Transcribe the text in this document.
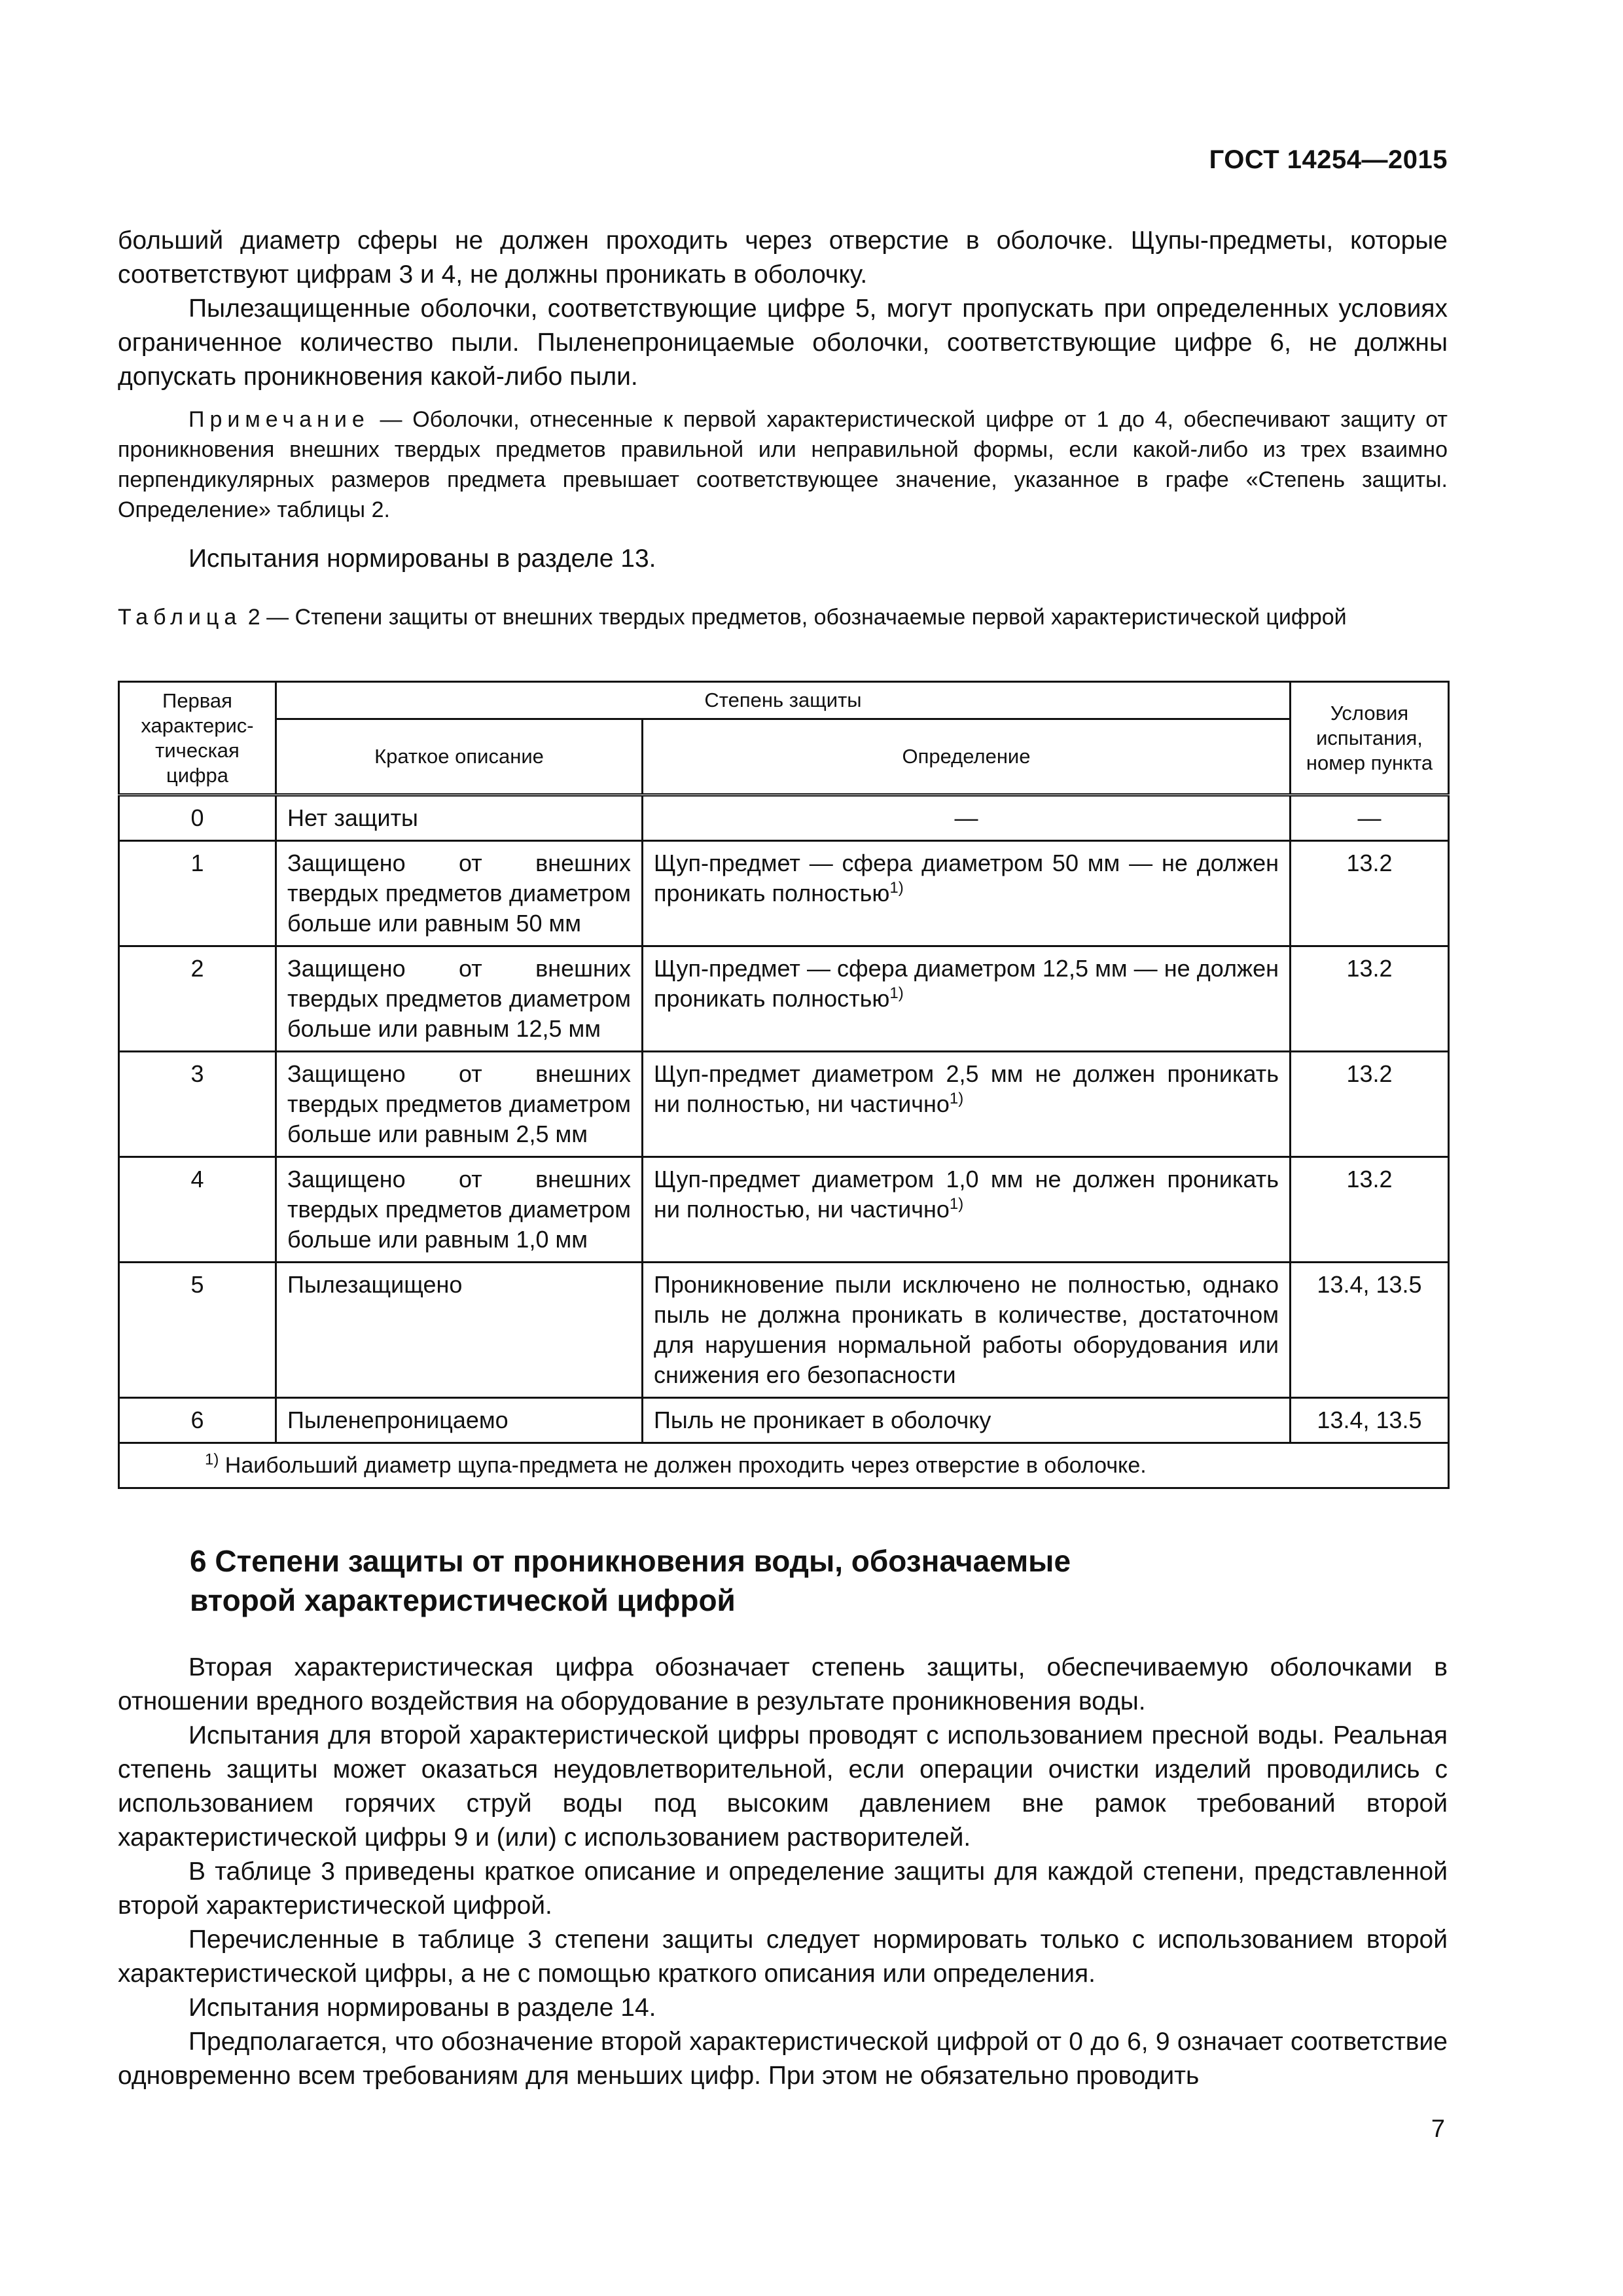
ГОСТ 14254—2015
больший диаметр сферы не должен проходить через отверстие в оболочке. Щупы-предметы, которые соответствуют цифрам 3 и 4, не должны проникать в оболочку.
Пылезащищенные оболочки, соответствующие цифре 5, могут пропускать при определенных условиях ограниченное количество пыли. Пыленепроницаемые оболочки, соответствующие цифре 6, не должны допускать проникновения какой-либо пыли.
Примечание — Оболочки, отнесенные к первой характеристической цифре от 1 до 4, обеспечивают защиту от проникновения внешних твердых предметов правильной или неправильной формы, если какой-либо из трех взаимно перпендикулярных размеров предмета превышает соответствующее значение, указанное в графе «Степень защиты. Определение» таблицы 2.
Испытания нормированы в разделе 13.
Таблица 2 — Степени защиты от внешних твердых предметов, обозначаемые первой характеристической цифрой
Первая характерис-тическая цифра	Степень защиты		Условия испытания, номер пункта
	Краткое описание	Определение	
0	Нет защиты	—	—
1	Защищено от внешних твердых предметов диаметром больше или равным 50 мм	Щуп-предмет — сфера диаметром 50 мм — не должен проникать полностью$^{1)}$	13.2
2	Защищено от внешних твердых предметов диаметром больше или равным 12,5 мм	Щуп-предмет — сфера диаметром 12,5 мм — не должен проникать полностью$^{1)}$	13.2
3	Защищено от внешних твердых предметов диаметром больше или равным 2,5 мм	Щуп-предмет диаметром 2,5 мм не должен проникать ни полностью, ни частично$^{1)}$	13.2
4	Защищено от внешних твердых предметов диаметром больше или равным 1,0 мм	Щуп-предмет диаметром 1,0 мм не должен проникать ни полностью, ни частично$^{1)}$	13.2
5	Пылезащищено	Проникновение пыли исключено не полностью, однако пыль не должна проникать в количестве, достаточном для нарушения нормальной работы оборудования или снижения его безопасности	13.4, 13.5
6	Пыленепроницаемо	Пыль не проникает в оболочку	13.4, 13.5
$^{1)}$ Наибольший диаметр щупа-предмета не должен проходить через отверстие в оболочке.			
6 Степени защиты от проникновения воды, обозначаемые
второй характеристической цифрой
Вторая характеристическая цифра обозначает степень защиты, обеспечиваемую оболочками в отношении вредного воздействия на оборудование в результате проникновения воды.
Испытания для второй характеристической цифры проводят с использованием пресной воды. Реальная степень защиты может оказаться неудовлетворительной, если операции очистки изделий проводились с использованием горячих струй воды под высоким давлением вне рамок требований второй характеристической цифры 9 и (или) с использованием растворителей.
В таблице 3 приведены краткое описание и определение защиты для каждой степени, представленной второй характеристической цифрой.
Перечисленные в таблице 3 степени защиты следует нормировать только с использованием второй характеристической цифры, а не с помощью краткого описания или определения.
Испытания нормированы в разделе 14.
Предполагается, что обозначение второй характеристической цифрой от 0 до 6, 9 означает соответствие одновременно всем требованиям для меньших цифр. При этом не обязательно проводить
7
